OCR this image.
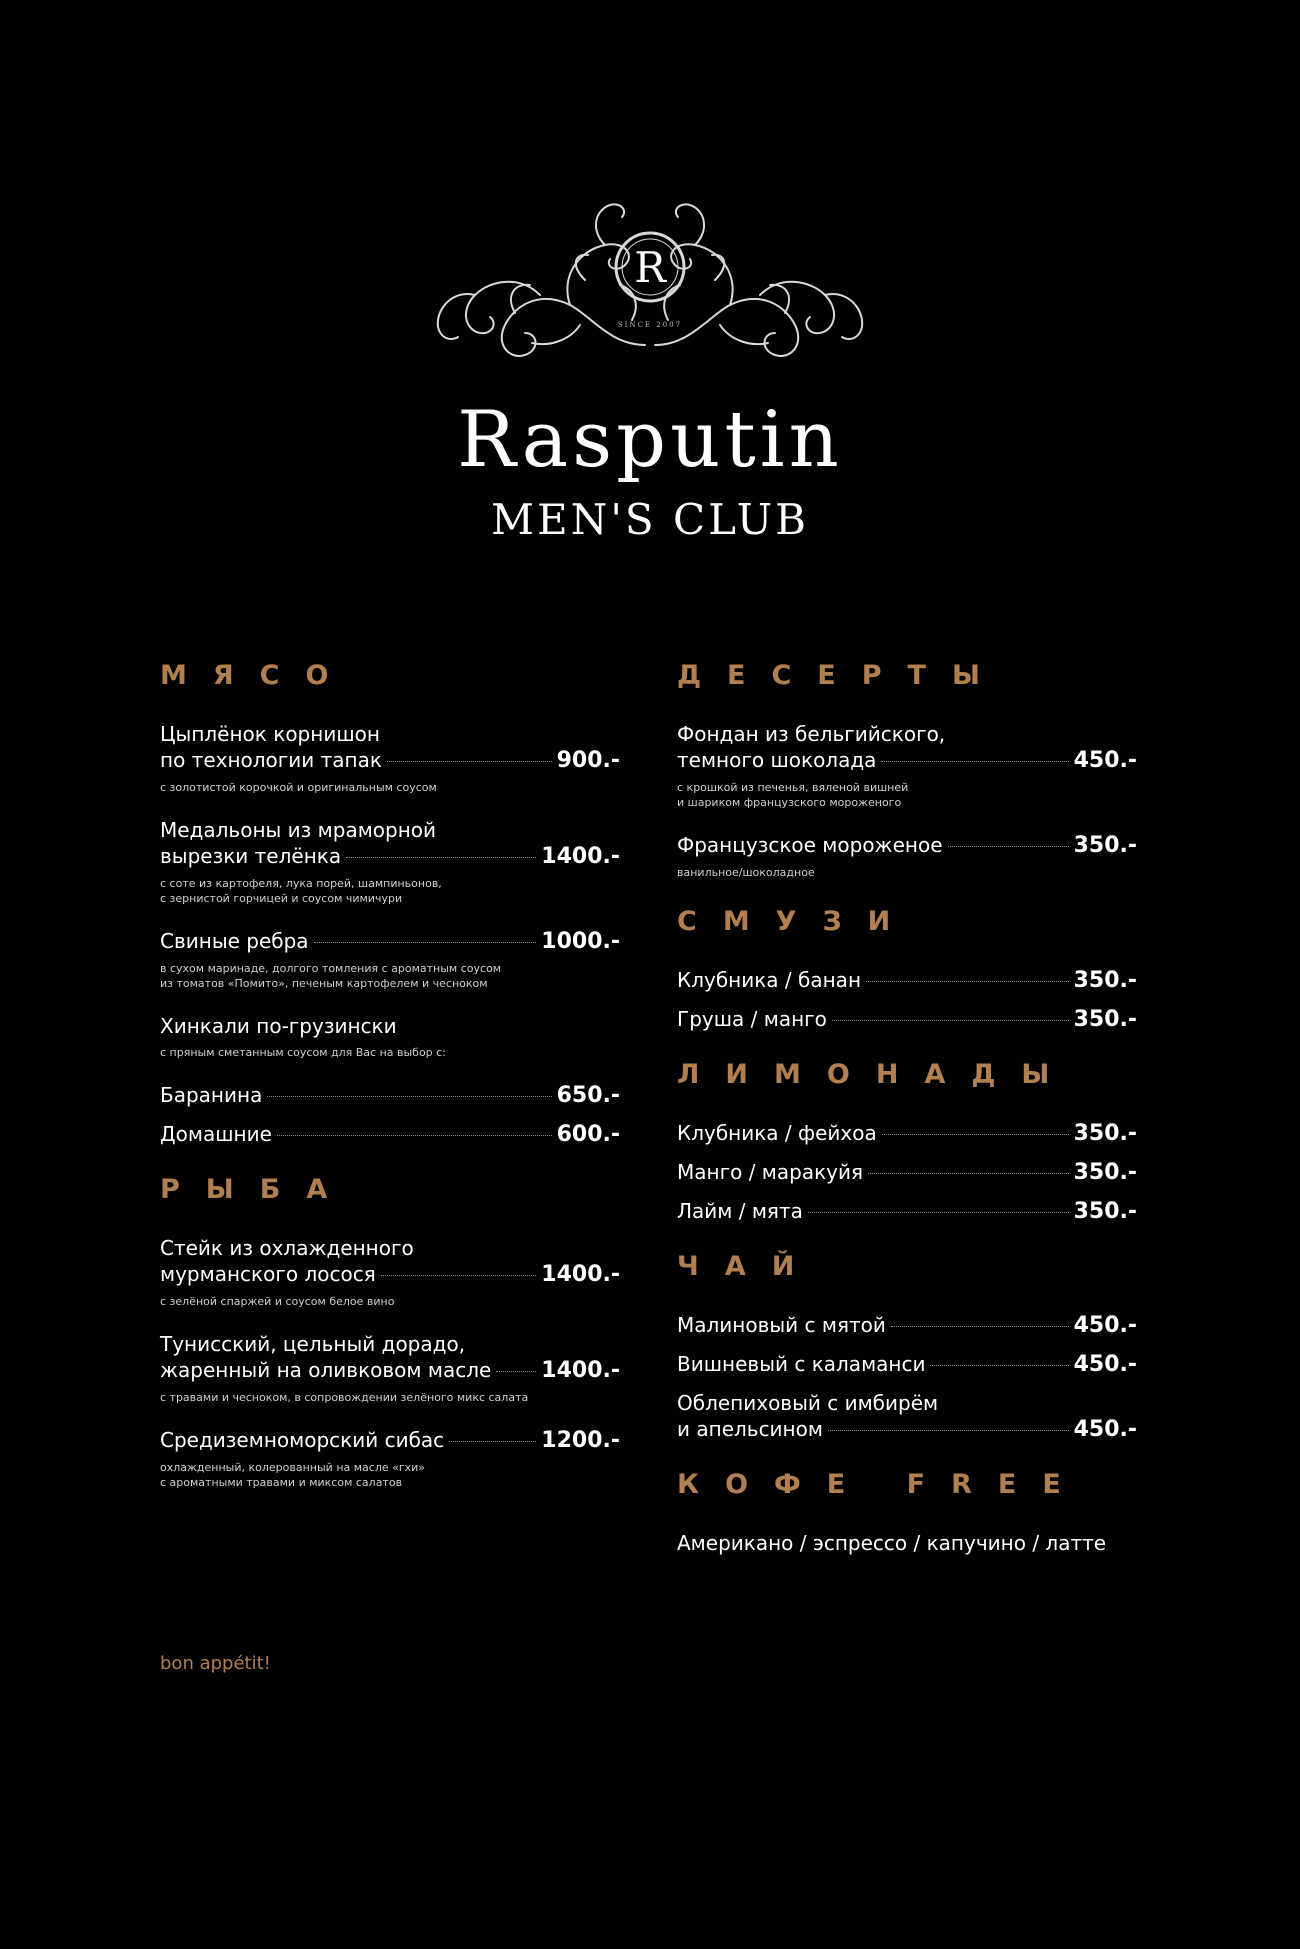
R
SINCE 2007
Rasputin
MEN'S CLUB
МЯСО
Цыплёнок корнишон
по технологии тапак	900.-
с золотистой корочкой и оригинальным соусом
Медальоны из мраморной
вырезки телёнка	1400.-
с соте из картофеля, лука порей, шампиньонов,
с зернистой горчицей и соусом чимичури
Свиные ребра	1000.-
в сухом маринаде, долгого томления с ароматным соусом
из томатов «Помито», печеным картофелем и чесноком
Хинкали по-грузински
с пряным сметанным соусом для Вас на выбор с:
Баранина	650.-
Домашние	600.-
РЫБА
Стейк из охлажденного
мурманского лосося	1400.-
с зелёной спаржей и соусом белое вино
Тунисский, цельный дорадо,
жаренный на оливковом масле 1400.-
с травами и чесноком, в сопровождении зелёного микс салата
Средиземноморский сибас	1200.-
охлажденный, колерованный на масле «гхи»
с ароматными травами и миксом салатов
ДЕСЕРТЫ
Фондан из бельгийского,
темного шоколада	450.-
с крошкой из печенья, вяленой вишней
и шариком французского мороженого
Французское мороженое	350.-
ванильное/шоколадное
СМУЗИ
Клубника / банан	350.-
Груша / манго	350.-
ЛИМОНАДЫ
Клубника / фейхоа	350.-
Манго / маракуйя	350.-
Лайм / мята	350.-
ЧАЙ
Малиновый с мятой	450.-
Вишневый с каламанси	450.-
Облепиховый с имбирём
и апельсином	450.-
КОФЕ FREE
Американо / эспрессо / капучино / латте
bon appétit!
